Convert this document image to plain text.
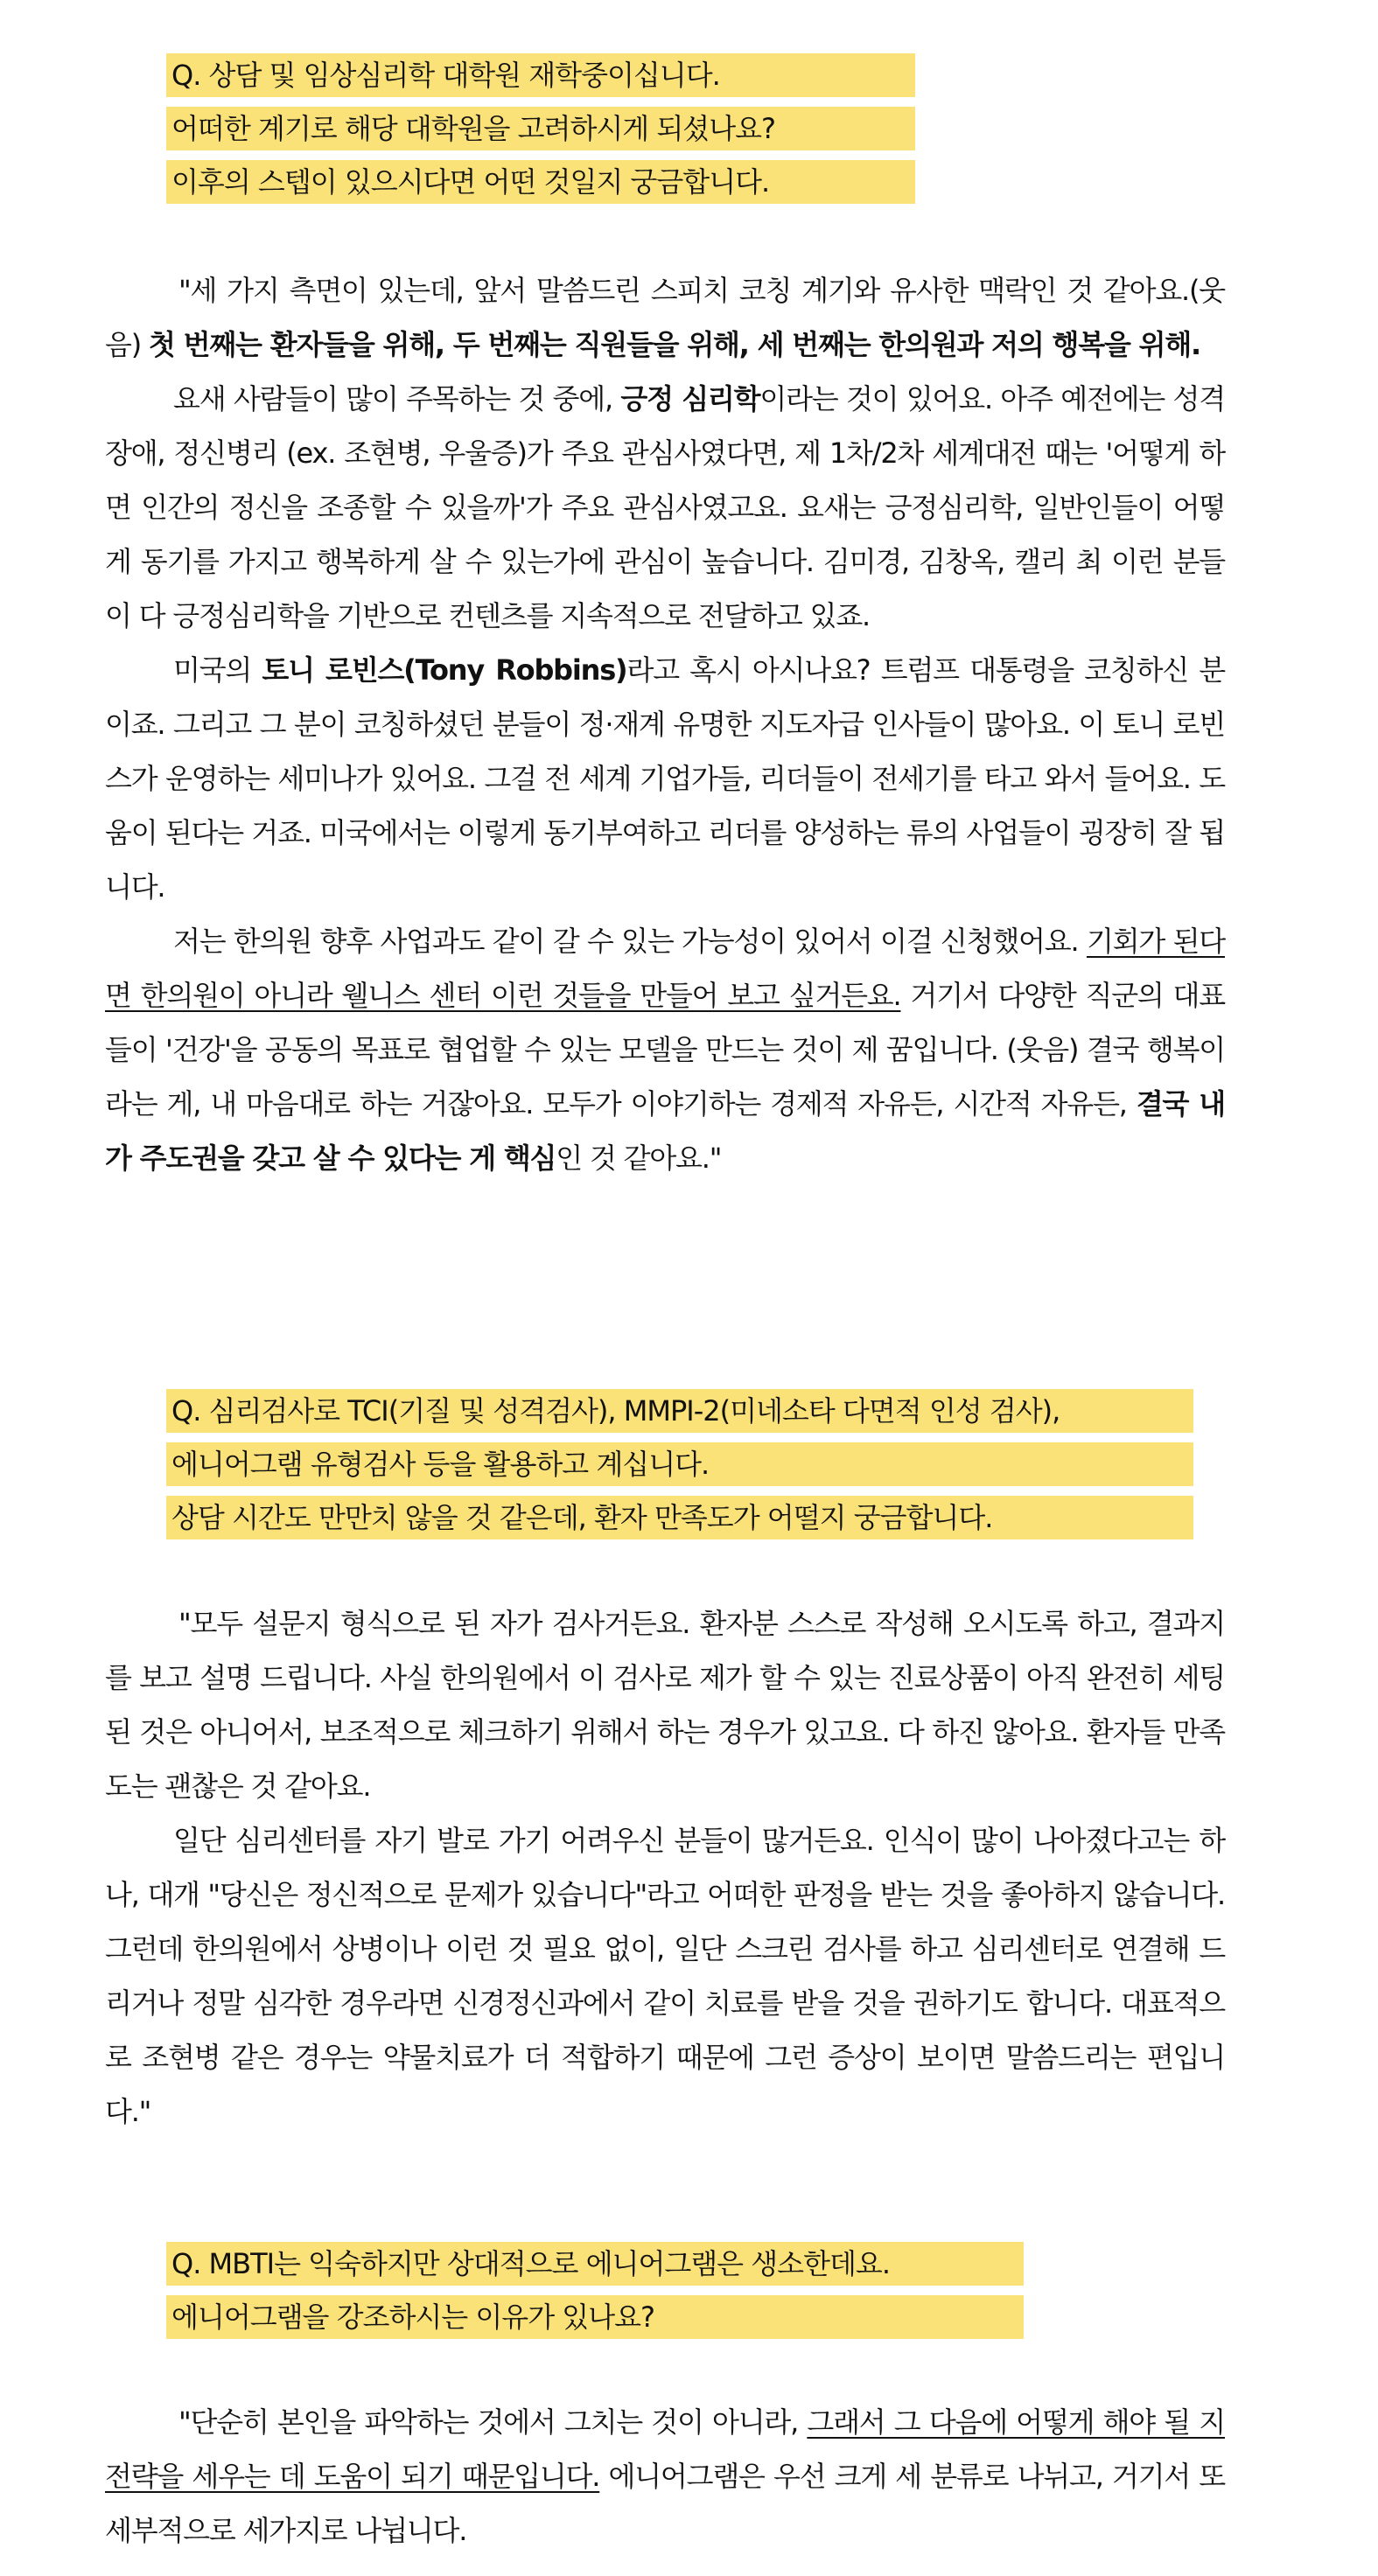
Q. 상담 및 임상심리학 대학원 재학중이십니다.
어떠한 계기로 해당 대학원을 고려하시게 되셨나요?
이후의 스텝이 있으시다면 어떤 것일지 궁금합니다.

"세 가지 측면이 있는데, 앞서 말씀드린 스피치 코칭 계기와 유사한 맥락인 것 같아요.(웃음) 첫 번째는 환자들을 위해, 두 번째는 직원들을 위해, 세 번째는 한의원과 저의 행복을 위해.

요새 사람들이 많이 주목하는 것 중에, 긍정 심리학이라는 것이 있어요. 아주 예전에는 성격장애, 정신병리 (ex. 조현병, 우울증)가 주요 관심사였다면, 제 1차/2차 세계대전 때는 '어떻게 하면 인간의 정신을 조종할 수 있을까'가 주요 관심사였고요. 요새는 긍정심리학, 일반인들이 어떻게 동기를 가지고 행복하게 살 수 있는가에 관심이 높습니다. 김미경, 김창옥, 캘리 최 이런 분들이 다 긍정심리학을 기반으로 컨텐츠를 지속적으로 전달하고 있죠.

미국의 토니 로빈스(Tony Robbins)라고 혹시 아시나요? 트럼프 대통령을 코칭하신 분이죠. 그리고 그 분이 코칭하셨던 분들이 정·재계 유명한 지도자급 인사들이 많아요. 이 토니 로빈스가 운영하는 세미나가 있어요. 그걸 전 세계 기업가들, 리더들이 전세기를 타고 와서 들어요. 도움이 된다는 거죠. 미국에서는 이렇게 동기부여하고 리더를 양성하는 류의 사업들이 굉장히 잘 됩니다.

저는 한의원 향후 사업과도 같이 갈 수 있는 가능성이 있어서 이걸 신청했어요. 기회가 된다면 한의원이 아니라 웰니스 센터 이런 것들을 만들어 보고 싶거든요. 거기서 다양한 직군의 대표들이 '건강'을 공동의 목표로 협업할 수 있는 모델을 만드는 것이 제 꿈입니다. (웃음) 결국 행복이라는 게, 내 마음대로 하는 거잖아요. 모두가 이야기하는 경제적 자유든, 시간적 자유든, 결국 내가 주도권을 갖고 살 수 있다는 게 핵심인 것 같아요."

Q. 심리검사로 TCI(기질 및 성격검사), MMPI-2(미네소타 다면적 인성 검사),
에니어그램 유형검사 등을 활용하고 계십니다.
상담 시간도 만만치 않을 것 같은데, 환자 만족도가 어떨지 궁금합니다.

"모두 설문지 형식으로 된 자가 검사거든요. 환자분 스스로 작성해 오시도록 하고, 결과지를 보고 설명 드립니다. 사실 한의원에서 이 검사로 제가 할 수 있는 진료상품이 아직 완전히 세팅된 것은 아니어서, 보조적으로 체크하기 위해서 하는 경우가 있고요. 다 하진 않아요. 환자들 만족도는 괜찮은 것 같아요.

일단 심리센터를 자기 발로 가기 어려우신 분들이 많거든요. 인식이 많이 나아졌다고는 하나, 대개 "당신은 정신적으로 문제가 있습니다"라고 어떠한 판정을 받는 것을 좋아하지 않습니다. 그런데 한의원에서 상병이나 이런 것 필요 없이, 일단 스크린 검사를 하고 심리센터로 연결해 드리거나 정말 심각한 경우라면 신경정신과에서 같이 치료를 받을 것을 권하기도 합니다. 대표적으로 조현병 같은 경우는 약물치료가 더 적합하기 때문에 그런 증상이 보이면 말씀드리는 편입니다."

Q. MBTI는 익숙하지만 상대적으로 에니어그램은 생소한데요.
에니어그램을 강조하시는 이유가 있나요?

"단순히 본인을 파악하는 것에서 그치는 것이 아니라, 그래서 그 다음에 어떻게 해야 될 지 전략을 세우는 데 도움이 되기 때문입니다. 에니어그램은 우선 크게 세 분류로 나뉘고, 거기서 또 세부적으로 세가지로 나뉩니다.
